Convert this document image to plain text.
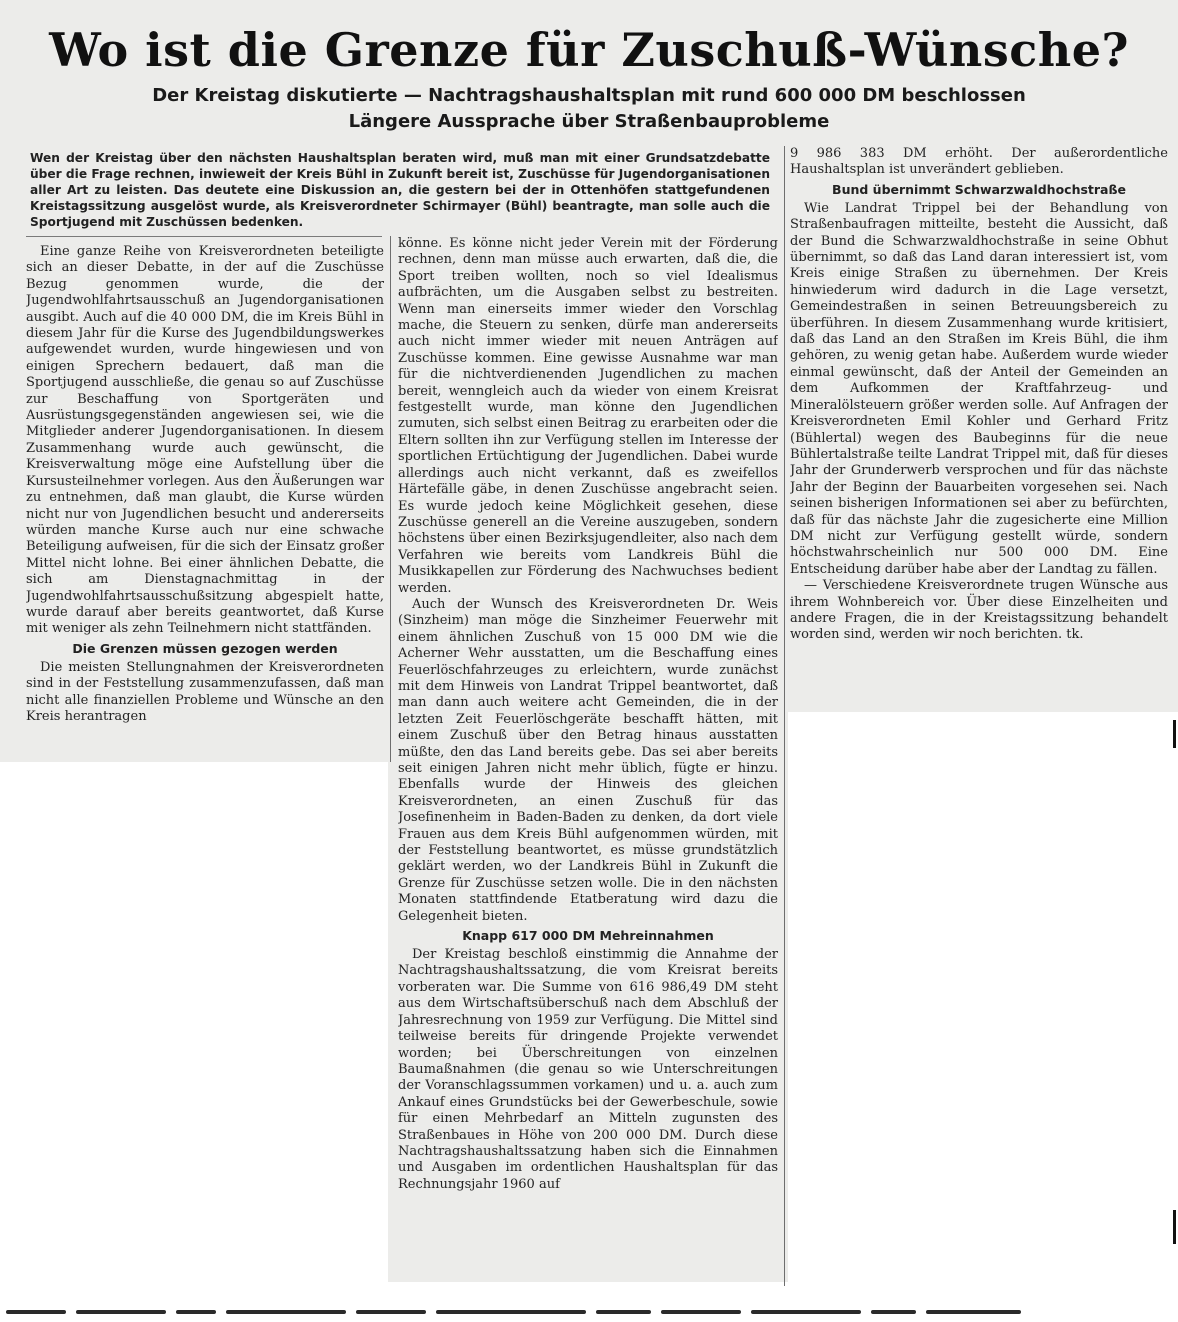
Wo ist die Grenze für Zuschuß-Wünsche?
Der Kreistag diskutierte — Nachtragshaushaltsplan mit rund 600 000 DM beschlossen
Längere Aussprache über Straßenbauprobleme
Wen der Kreistag über den nächsten Haushaltsplan beraten wird, muß man mit einer Grundsatzdebatte über die Frage rechnen, inwieweit der Kreis Bühl in Zukunft bereit ist, Zuschüsse für Jugendorganisationen aller Art zu leisten. Das deutete eine Diskussion an, die gestern bei der in Ottenhöfen stattgefundenen Kreistagssitzung ausgelöst wurde, als Kreisverordneter Schirmayer (Bühl) beantragte, man solle auch die Sportjugend mit Zuschüssen bedenken.

Eine ganze Reihe von Kreisverordneten beteiligte sich an dieser Debatte, in der auf die Zuschüsse Bezug genommen wurde, die der Jugendwohlfahrtsausschuß an Jugendorganisationen ausgibt. Auch auf die 40 000 DM, die im Kreis Bühl in diesem Jahr für die Kurse des Jugendbildungswerkes aufgewendet wurden, wurde hingewiesen und von einigen Sprechern bedauert, daß man die Sportjugend ausschließe, die genau so auf Zuschüsse zur Beschaffung von Sportgeräten und Ausrüstungsgegenständen angewiesen sei, wie die Mitglieder anderer Jugendorganisationen. In diesem Zusammenhang wurde auch gewünscht, die Kreisverwaltung möge eine Aufstellung über die Kursusteilnehmer vorlegen. Aus den Äußerungen war zu entnehmen, daß man glaubt, die Kurse würden nicht nur von Jugendlichen besucht und andererseits würden manche Kurse auch nur eine schwache Beteiligung aufweisen, für die sich der Einsatz großer Mittel nicht lohne. Bei einer ähnlichen Debatte, die sich am Dienstagnachmittag in der Jugendwohlfahrtsausschußsitzung abgespielt hatte, wurde darauf aber bereits geantwortet, daß Kurse mit weniger als zehn Teilnehmern nicht stattfänden.

Die Grenzen müssen gezogen werden

Die meisten Stellungnahmen der Kreisverordneten sind in der Feststellung zusammenzufassen, daß man nicht alle finanziellen Probleme und Wünsche an den Kreis herantragen

könne. Es könne nicht jeder Verein mit der Förderung rechnen, denn man müsse auch erwarten, daß die, die Sport treiben wollten, noch so viel Idealismus aufbrächten, um die Ausgaben selbst zu bestreiten. Wenn man einerseits immer wieder den Vorschlag mache, die Steuern zu senken, dürfe man andererseits auch nicht immer wieder mit neuen Anträgen auf Zuschüsse kommen. Eine gewisse Ausnahme war man für die nichtverdienenden Jugendlichen zu machen bereit, wenngleich auch da wieder von einem Kreisrat festgestellt wurde, man könne den Jugendlichen zumuten, sich selbst einen Beitrag zu erarbeiten oder die Eltern sollten ihn zur Verfügung stellen im Interesse der sportlichen Ertüchtigung der Jugendlichen. Dabei wurde allerdings auch nicht verkannt, daß es zweifellos Härtefälle gäbe, in denen Zuschüsse angebracht seien. Es wurde jedoch keine Möglichkeit gesehen, diese Zuschüsse generell an die Vereine auszugeben, sondern höchstens über einen Bezirksjugendleiter, also nach dem Verfahren wie bereits vom Landkreis Bühl die Musikkapellen zur Förderung des Nachwuchses bedient werden.

Auch der Wunsch des Kreisverordneten Dr. Weis (Sinzheim) man möge die Sinzheimer Feuerwehr mit einem ähnlichen Zuschuß von 15 000 DM wie die Acherner Wehr ausstatten, um die Beschaffung eines Feuerlöschfahrzeuges zu erleichtern, wurde zunächst mit dem Hinweis von Landrat Trippel beantwortet, daß man dann auch weitere acht Gemeinden, die in der letzten Zeit Feuerlöschgeräte beschafft hätten, mit einem Zuschuß über den Betrag hinaus ausstatten müßte, den das Land bereits gebe. Das sei aber bereits seit einigen Jahren nicht mehr üblich, fügte er hinzu. Ebenfalls wurde der Hinweis des gleichen Kreisverordneten, an einen Zuschuß für das Josefinenheim in Baden-Baden zu denken, da dort viele Frauen aus dem Kreis Bühl aufgenommen würden, mit der Feststellung beantwortet, es müsse grundstätzlich geklärt werden, wo der Landkreis Bühl in Zukunft die Grenze für Zuschüsse setzen wolle. Die in den nächsten Monaten stattfindende Etatberatung wird dazu die Gelegenheit bieten.

Knapp 617 000 DM Mehreinnahmen

Der Kreistag beschloß einstimmig die Annahme der Nachtragshaushaltssatzung, die vom Kreisrat bereits vorberaten war. Die Summe von 616 986,49 DM steht aus dem Wirtschaftsüberschuß nach dem Abschluß der Jahresrechnung von 1959 zur Verfügung. Die Mittel sind teilweise bereits für dringende Projekte verwendet worden; bei Überschreitungen von einzelnen Baumaßnahmen (die genau so wie Unterschreitungen der Voranschlagssummen vorkamen) und u. a. auch zum Ankauf eines Grundstücks bei der Gewerbeschule, sowie für einen Mehrbedarf an Mitteln zugunsten des Straßenbaues in Höhe von 200 000 DM. Durch diese Nachtragshaushaltssatzung haben sich die Einnahmen und Ausgaben im ordentlichen Haushaltsplan für das Rechnungsjahr 1960 auf

9 986 383 DM erhöht. Der außerordentliche Haushaltsplan ist unverändert geblieben.

Bund übernimmt Schwarzwaldhochstraße

Wie Landrat Trippel bei der Behandlung von Straßenbaufragen mitteilte, besteht die Aussicht, daß der Bund die Schwarzwaldhochstraße in seine Obhut übernimmt, so daß das Land daran interessiert ist, vom Kreis einige Straßen zu übernehmen. Der Kreis hinwiederum wird dadurch in die Lage versetzt, Gemeindestraßen in seinen Betreuungsbereich zu überführen. In diesem Zusammenhang wurde kritisiert, daß das Land an den Straßen im Kreis Bühl, die ihm gehören, zu wenig getan habe. Außerdem wurde wieder einmal gewünscht, daß der Anteil der Gemeinden an dem Aufkommen der Kraftfahrzeug- und Mineralölsteuern größer werden solle. Auf Anfragen der Kreisverordneten Emil Kohler und Gerhard Fritz (Bühlertal) wegen des Baubeginns für die neue Bühlertalstraße teilte Landrat Trippel mit, daß für dieses Jahr der Grunderwerb versprochen und für das nächste Jahr der Beginn der Bauarbeiten vorgesehen sei. Nach seinen bisherigen Informationen sei aber zu befürchten, daß für das nächste Jahr die zugesicherte eine Million DM nicht zur Verfügung gestellt würde, sondern höchstwahrscheinlich nur 500 000 DM. Eine Entscheidung darüber habe aber der Landtag zu fällen.

— Verschiedene Kreisverordnete trugen Wünsche aus ihrem Wohnbereich vor. Über diese Einzelheiten und andere Fragen, die in der Kreistagssitzung behandelt worden sind, werden wir noch berichten. tk.
